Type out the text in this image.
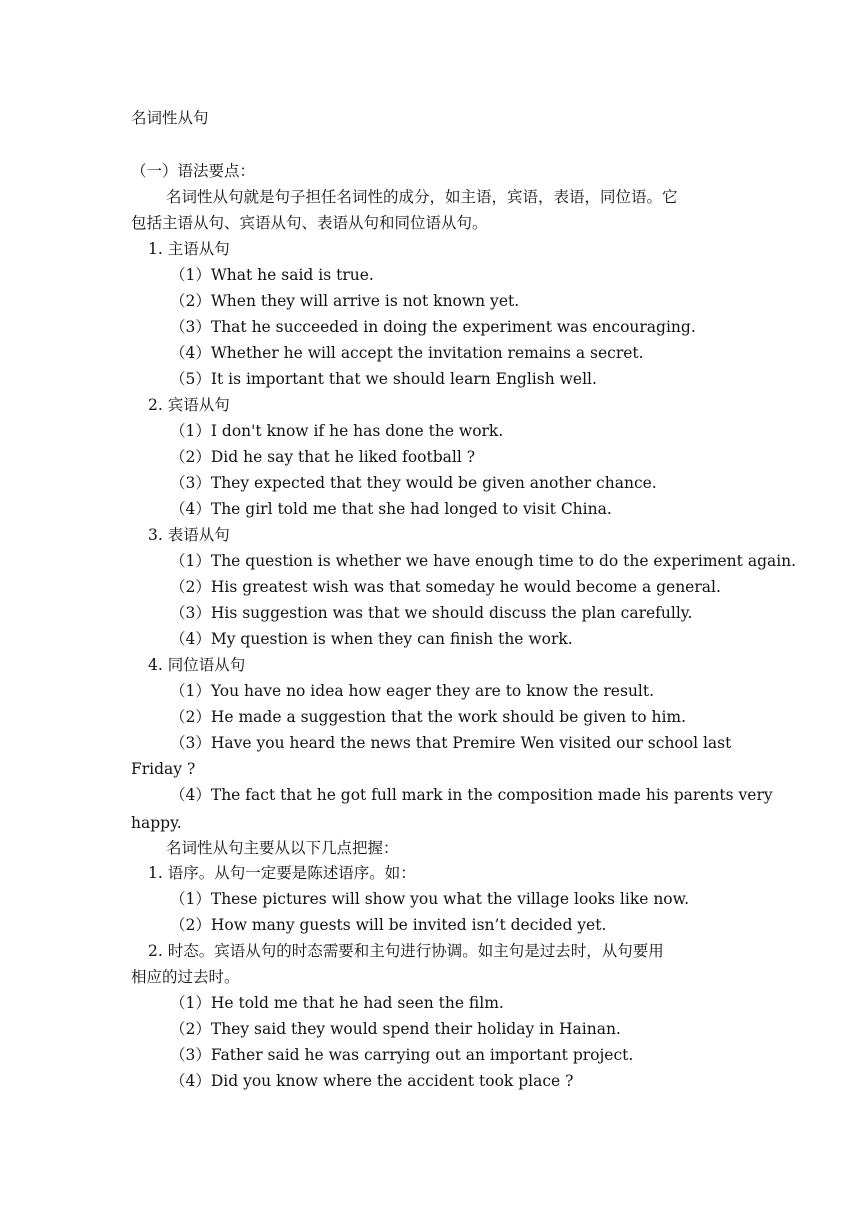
名词性从句
（一）语法要点：
名词性从句就是句子担任名词性的成分，如主语，宾语，表语，同位语。它
包括主语从句、宾语从句、表语从句和同位语从句。
1. 主语从句
（1）What he said is true.
（2）When they will arrive is not known yet.
（3）That he succeeded in doing the experiment was encouraging.
（4）Whether he will accept the invitation remains a secret.
（5）It is important that we should learn English well.
2. 宾语从句
（1）I don't know if he has done the work.
（2）Did he say that he liked football ?
（3）They expected that they would be given another chance.
（4）The girl told me that she had longed to visit China.
3. 表语从句
（1）The question is whether we have enough time to do the experiment again.
（2）His greatest wish was that someday he would become a general.
（3）His suggestion was that we should discuss the plan carefully.
（4）My question is when they can finish the work.
4. 同位语从句
（1）You have no idea how eager they are to know the result.
（2）He made a suggestion that the work should be given to him.
（3）Have you heard the news that Premire Wen visited our school last
Friday ?
（4）The fact that he got full mark in the composition made his parents very
happy.
名词性从句主要从以下几点把握：
1. 语序。从句一定要是陈述语序。如：
（1）These pictures will show you what the village looks like now.
（2）How many guests will be invited isn’t decided yet.
2. 时态。宾语从句的时态需要和主句进行协调。如主句是过去时，从句要用
相应的过去时。
（1）He told me that he had seen the film.
（2）They said they would spend their holiday in Hainan.
（3）Father said he was carrying out an important project.
（4）Did you know where the accident took place ?
